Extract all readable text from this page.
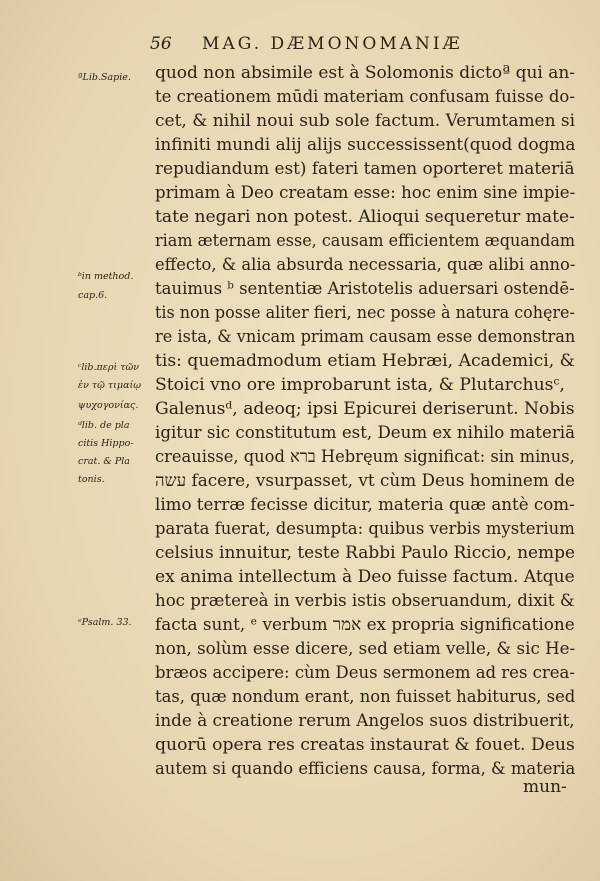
56 MAG. DÆMONOMANIÆ
ªLib.Sapie.
ᵇin method.
cap.6.
ᶜlib.περὶ τῶν
ἐν τῷ τιμαίῳ
ψυχογονίας.
ᵈlib. de pla
citis Hippo-
crat. & Pla
tonis.
ᵉPsalm. 33.
quod non absimile est à Solomonis dictoª qui an-
te creationem mūdi materiam confusam fuisse do-
cet, & nihil noui sub sole factum. Verumtamen si
infiniti mundi alij alijs successissent(quod dogma
repudiandum est) fateri tamen oporteret materiā
primam à Deo creatam esse: hoc enim sine impie-
tate negari non potest. Alioqui sequeretur mate-
riam æternam esse, causam efficientem æquandam
effecto, & alia absurda necessaria, quæ alibi anno-
tauimus ᵇ sententiæ Aristotelis aduersari ostendē-
tis non posse aliter fieri, nec posse à natura cohęre-
re ista, & vnicam primam causam esse demonstran
tis: quemadmodum etiam Hebræi, Academici, &
Stoici vno ore improbarunt ista, & Plutarchusᶜ,
Galenusᵈ, adeoq; ipsi Epicurei deriserunt. Nobis
igitur sic constitutum est, Deum ex nihilo materiā
creauisse, quod ברא Hebręum significat: sin minus,
עשה facere, vsurpasset, vt cùm Deus hominem de
limo terræ fecisse dicitur, materia quæ antè com-
parata fuerat, desumpta: quibus verbis mysterium
celsius innuitur, teste Rabbi Paulo Riccio, nempe
ex anima intellectum à Deo fuisse factum. Atque
hoc prætereà in verbis istis obseruandum, dixit &
facta sunt, ᵉ verbum אמר ex propria significatione
non, solùm esse dicere, sed etiam velle, & sic He-
bræos accipere: cùm Deus sermonem ad res crea-
tas, quæ nondum erant, non fuisset habiturus, sed
inde à creatione rerum Angelos suos distribuerit,
quorū opera res creatas instaurat & fouet. Deus
autem si quando efficiens causa, forma, & materia
mun-
